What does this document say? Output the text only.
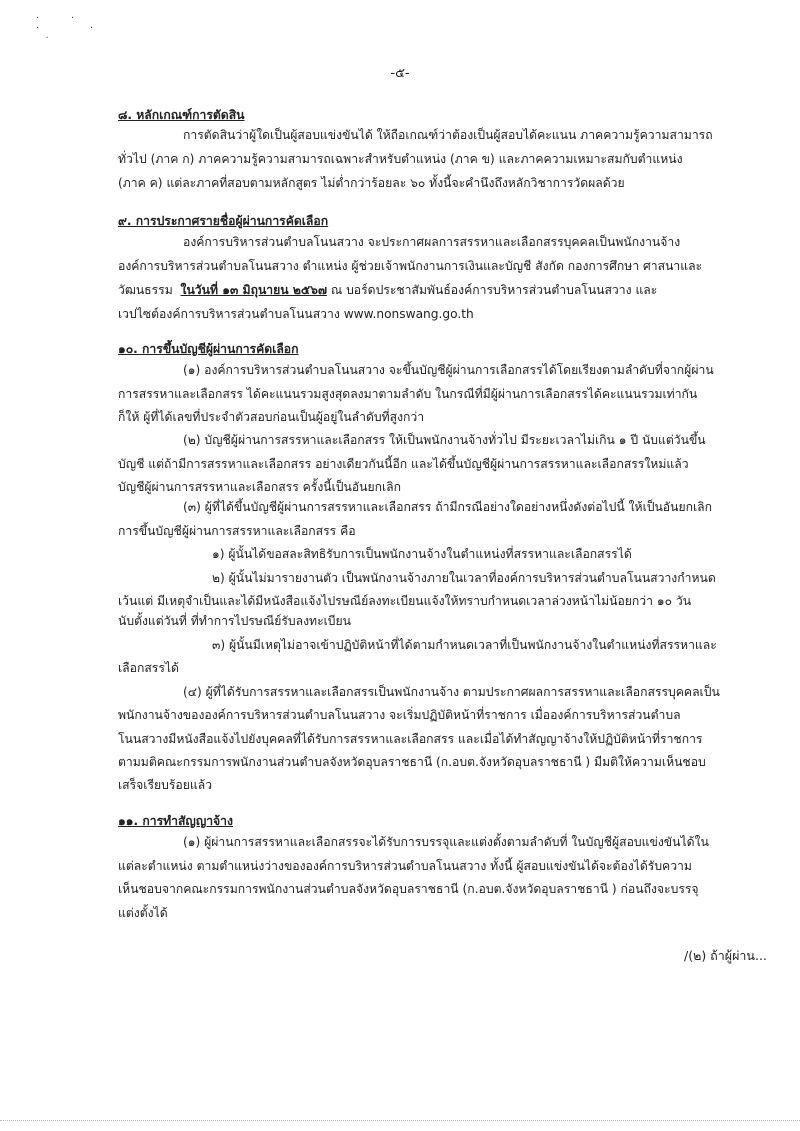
·          ·
·                ·
·
-๕-
๘. หลักเกณฑ์การตัดสิน
การตัดสินว่าผู้ใดเป็นผู้สอบแข่งขันได้ ให้ถือเกณฑ์ว่าต้องเป็นผู้สอบได้คะแนน ภาคความรู้ความสามารถ
ทั่วไป (ภาค ก) ภาคความรู้ความสามารถเฉพาะสำหรับตำแหน่ง (ภาค ข) และภาคความเหมาะสมกับตำแหน่ง
(ภาค ค) แต่ละภาคที่สอบตามหลักสูตร ไม่ต่ำกว่าร้อยละ ๖๐ ทั้งนี้จะคำนึงถึงหลักวิชาการวัดผลด้วย
๙. การประกาศรายชื่อผู้ผ่านการคัดเลือก
องค์การบริหารส่วนตำบลโนนสวาง จะประกาศผลการสรรหาและเลือกสรรบุคคลเป็นพนักงานจ้าง
องค์การบริหารส่วนตำบลโนนสวาง ตำแหน่ง ผู้ช่วยเจ้าพนักงานการเงินและบัญชี สังกัด กองการศึกษา ศาสนาและ
วัฒนธรรม ในวันที่ ๑๓ มิถุนายน ๒๕๖๗ ณ บอร์ดประชาสัมพันธ์องค์การบริหารส่วนตำบลโนนสวาง และ
เวปไซต์องค์การบริหารส่วนตำบลโนนสวาง www.nonswang.go.th
๑๐. การขึ้นบัญชีผู้ผ่านการคัดเลือก
(๑) องค์การบริหารส่วนตำบลโนนสวาง จะขึ้นบัญชีผู้ผ่านการเลือกสรรได้โดยเรียงตามลำดับที่จากผู้ผ่าน
การสรรหาและเลือกสรร ได้คะแนนรวมสูงสุดลงมาตามลำดับ ในกรณีที่มีผู้ผ่านการเลือกสรรได้คะแนนรวมเท่ากัน
ก็ให้ ผู้ที่ได้เลขที่ประจำตัวสอบก่อนเป็นผู้อยู่ในลำดับที่สูงกว่า
(๒) บัญชีผู้ผ่านการสรรหาและเลือกสรร ให้เป็นพนักงานจ้างทั่วไป มีระยะเวลาไม่เกิน ๑ ปี นับแต่วันขึ้น
บัญชี แต่ถ้ามีการสรรหาและเลือกสรร อย่างเดียวกันนี้อีก และได้ขึ้นบัญชีผู้ผ่านการสรรหาและเลือกสรรใหม่แล้ว
บัญชีผู้ผ่านการสรรหาและเลือกสรร ครั้งนี้เป็นอันยกเลิก
(๓) ผู้ที่ได้ขึ้นบัญชีผู้ผ่านการสรรหาและเลือกสรร ถ้ามีกรณีอย่างใดอย่างหนึ่งดังต่อไปนี้ ให้เป็นอันยกเลิก
การขึ้นบัญชีผู้ผ่านการสรรหาและเลือกสรร คือ
๑) ผู้นั้นได้ขอสละสิทธิรับการเป็นพนักงานจ้างในตำแหน่งที่สรรหาและเลือกสรรได้
๒) ผู้นั้นไม่มารายงานตัว เป็นพนักงานจ้างภายในเวลาที่องค์การบริหารส่วนตำบลโนนสวางกำหนด
เว้นแต่ มีเหตุจำเป็นและได้มีหนังสือแจ้งไปรษณีย์ลงทะเบียนแจ้งให้ทราบกำหนดเวลาล่วงหน้าไม่น้อยกว่า ๑๐ วัน
นับตั้งแต่วันที่ ที่ทำการไปรษณีย์รับลงทะเบียน
๓) ผู้นั้นมีเหตุไม่อาจเข้าปฏิบัติหน้าที่ได้ตามกำหนดเวลาที่เป็นพนักงานจ้างในตำแหน่งที่สรรหาและ
เลือกสรรได้
(๔) ผู้ที่ได้รับการสรรหาและเลือกสรรเป็นพนักงานจ้าง ตามประกาศผลการสรรหาและเลือกสรรบุคคลเป็น
พนักงานจ้างขององค์การบริหารส่วนตำบลโนนสวาง จะเริ่มปฏิบัติหน้าที่ราชการ เมื่อองค์การบริหารส่วนตำบล
โนนสวางมีหนังสือแจ้งไปยังบุคคลที่ได้รับการสรรหาและเลือกสรร และเมื่อได้ทำสัญญาจ้างให้ปฏิบัติหน้าที่ราชการ
ตามมติคณะกรรมการพนักงานส่วนตำบลจังหวัดอุบลราชธานี (ก.อบต.จังหวัดอุบลราชธานี ) มีมติให้ความเห็นชอบ
เสร็จเรียบร้อยแล้ว
๑๑. การทำสัญญาจ้าง
(๑) ผู้ผ่านการสรรหาและเลือกสรรจะได้รับการบรรจุและแต่งตั้งตามลำดับที่ ในบัญชีผู้สอบแข่งขันได้ใน
แต่ละตำแหน่ง ตามตำแหน่งว่างขององค์การบริหารส่วนตำบลโนนสวาง ทั้งนี้ ผู้สอบแข่งขันได้จะต้องได้รับความ
เห็นชอบจากคณะกรรมการพนักงานส่วนตำบลจังหวัดอุบลราชธานี (ก.อบต.จังหวัดอุบลราชธานี ) ก่อนถึงจะบรรจุ
แต่งตั้งได้
/(๒) ถ้าผู้ผ่าน...
